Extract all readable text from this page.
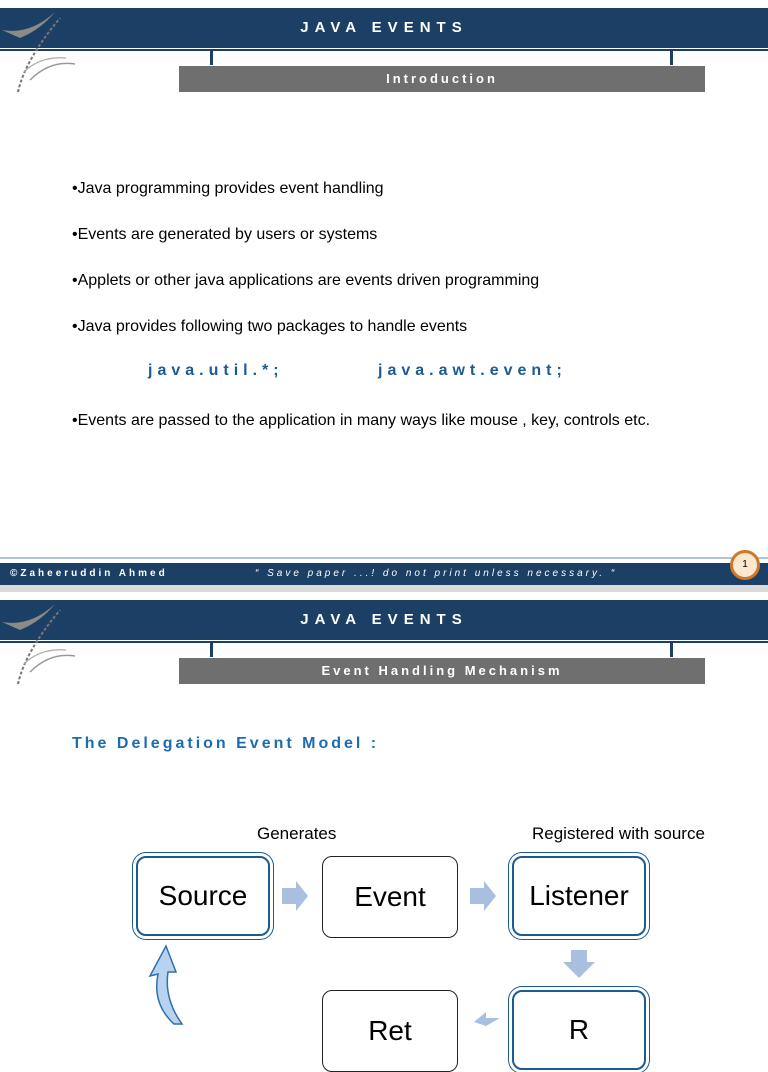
JAVA EVENTS
Introduction
•Java programming provides event handling
•Events are generated by users or systems
•Applets or other java applications are events driven programming
•Java provides following two packages to handle events
java.util.*;	java.awt.event;
•Events are passed to the application in many ways like mouse , key, controls etc.
©Zaheeruddin Ahmed	“ Save paper ...! do not print unless necessary. “
1
JAVA EVENTS
Event Handling Mechanism
The Delegation Event Model :
Generates	Registered with source
Source	Event	Listener
Ret	R
